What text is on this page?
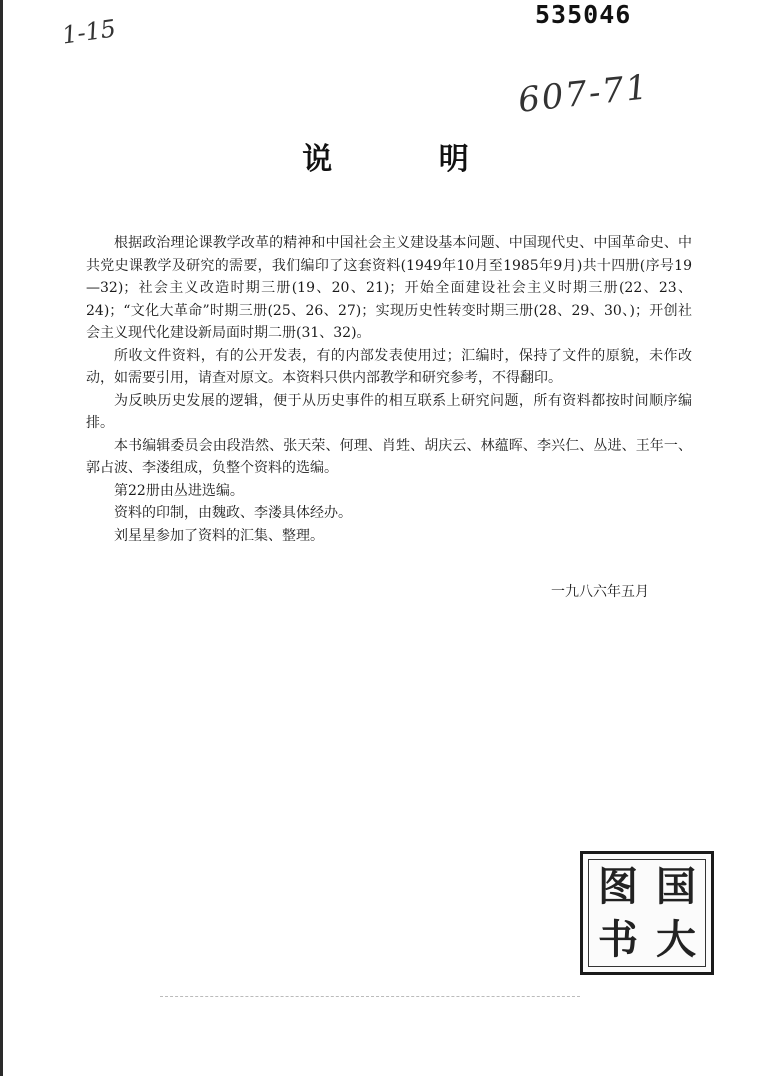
535046
1-15
607-71
说 明

根据政治理论课教学改革的精神和中国社会主义建设基本问题、中国现代史、中国革命史、中共党史课教学及研究的需要，我们编印了这套资料(1949年10月至1985年9月)共十四册(序号19—32)；社会主义改造时期三册(19、20、21)；开始全面建设社会主义时期三册(22、23、24)；“文化大革命”时期三册(25、26、27)；实现历史性转变时期三册(28、29、30、)；开创社会主义现代化建设新局面时期二册(31、32)。

所收文件资料，有的公开发表，有的内部发表使用过；汇编时，保持了文件的原貌，未作改动，如需要引用，请查对原文。本资料只供内部教学和研究参考，不得翻印。

为反映历史发展的逻辑，便于从历史事件的相互联系上研究问题，所有资料都按时间顺序编排。

本书编辑委员会由段浩然、张天荣、何理、肖甡、胡庆云、林蕴晖、李兴仁、丛进、王年一、郭占波、李溇组成，负整个资料的选编。

第22册由丛进选编。

资料的印制，由魏政、李溇具体经办。

刘星星参加了资料的汇集、整理。

一九八六年五月
图 国
书 大
